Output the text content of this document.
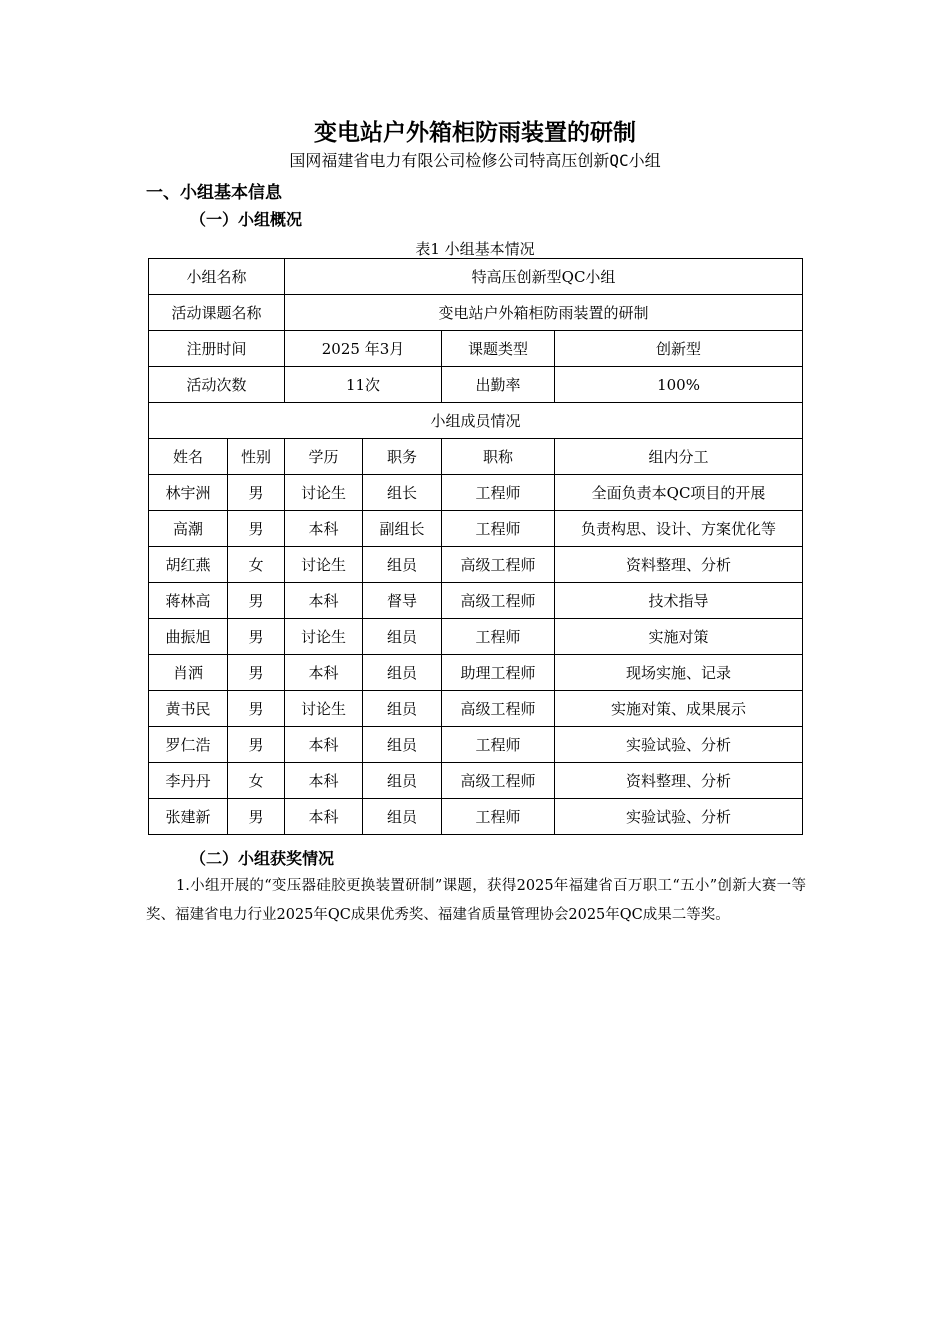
变电站户外箱柜防雨装置的研制
国网福建省电力有限公司检修公司特高压创新QC小组
一、小组基本信息
（一）小组概况
表1 小组基本情况
小组名称		特高压创新型QC小组			
活动课题名称		变电站户外箱柜防雨装置的研制			
注册时间		2025 年3月		课题类型	创新型
活动次数		11次		出勤率	100%
小组成员情况					
姓名	性别	学历	职务	职称	组内分工
林宇洲	男	讨论生	组长	工程师	全面负责本QC项目的开展
高潮	男	本科	副组长	工程师	负责构思、设计、方案优化等
胡红燕	女	讨论生	组员	高级工程师	资料整理、分析
蒋林高	男	本科	督导	高级工程师	技术指导
曲振旭	男	讨论生	组员	工程师	实施对策
肖洒	男	本科	组员	助理工程师	现场实施、记录
黄书民	男	讨论生	组员	高级工程师	实施对策、成果展示
罗仁浩	男	本科	组员	工程师	实验试验、分析
李丹丹	女	本科	组员	高级工程师	资料整理、分析
张建新	男	本科	组员	工程师	实验试验、分析
（二）小组获奖情况
1.小组开展的“变压器硅胶更换装置研制”课题，获得2025年福建省百万职工“五小”创新大赛一等奖、福建省电力行业2025年QC成果优秀奖、福建省质量管理协会2025年QC成果二等奖。
